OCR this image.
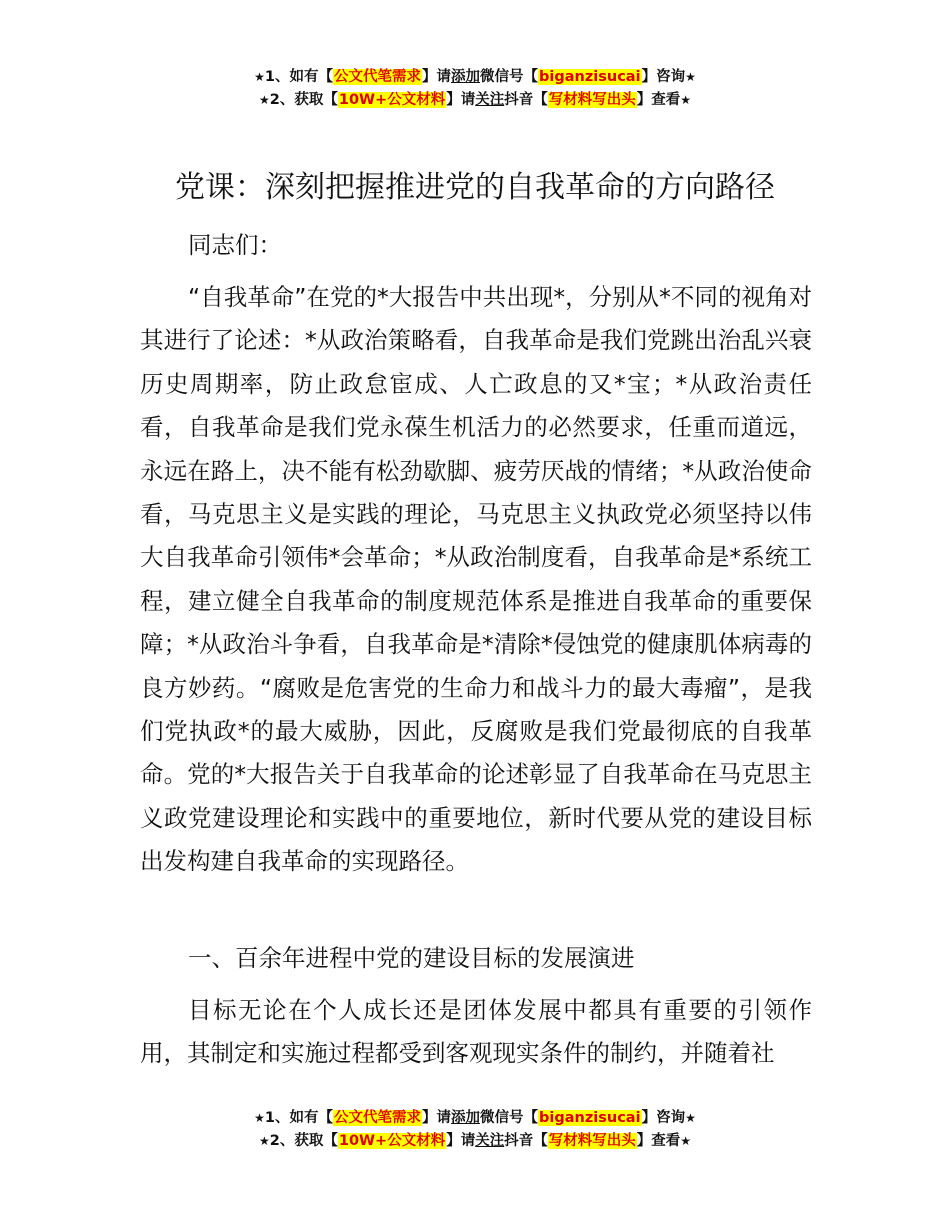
★1、如有【公文代笔需求】请添加微信号【biganzisucai】咨询★
★2、获取【10W+公文材料】请关注抖音【写材料写出头】查看★
党课：深刻把握推进党的自我革命的方向路径

同志们：

“自我革命”在党的*大报告中共出现*，分别从*不同的视角对其进行了论述：*从政治策略看，自我革命是我们党跳出治乱兴衰历史周期率，防止政怠宦成、人亡政息的又*宝；*从政治责任看，自我革命是我们党永葆生机活力的必然要求，任重而道远，永远在路上，决不能有松劲歇脚、疲劳厌战的情绪；*从政治使命看，马克思主义是实践的理论，马克思主义执政党必须坚持以伟大自我革命引领伟*会革命；*从政治制度看，自我革命是*系统工程，建立健全自我革命的制度规范体系是推进自我革命的重要保障；*从政治斗争看，自我革命是*清除*侵蚀党的健康肌体病毒的良方妙药。“腐败是危害党的生命力和战斗力的最大毒瘤”，是我们党执政*的最大威胁，因此，反腐败是我们党最彻底的自我革命。党的*大报告关于自我革命的论述彰显了自我革命在马克思主义政党建设理论和实践中的重要地位，新时代要从党的建设目标出发构建自我革命的实现路径。

一、百余年进程中党的建设目标的发展演进

目标无论在个人成长还是团体发展中都具有重要的引领作用，其制定和实施过程都受到客观现实条件的制约，并随着社

★1、如有【公文代笔需求】请添加微信号【biganzisucai】咨询★
★2、获取【10W+公文材料】请关注抖音【写材料写出头】查看★
